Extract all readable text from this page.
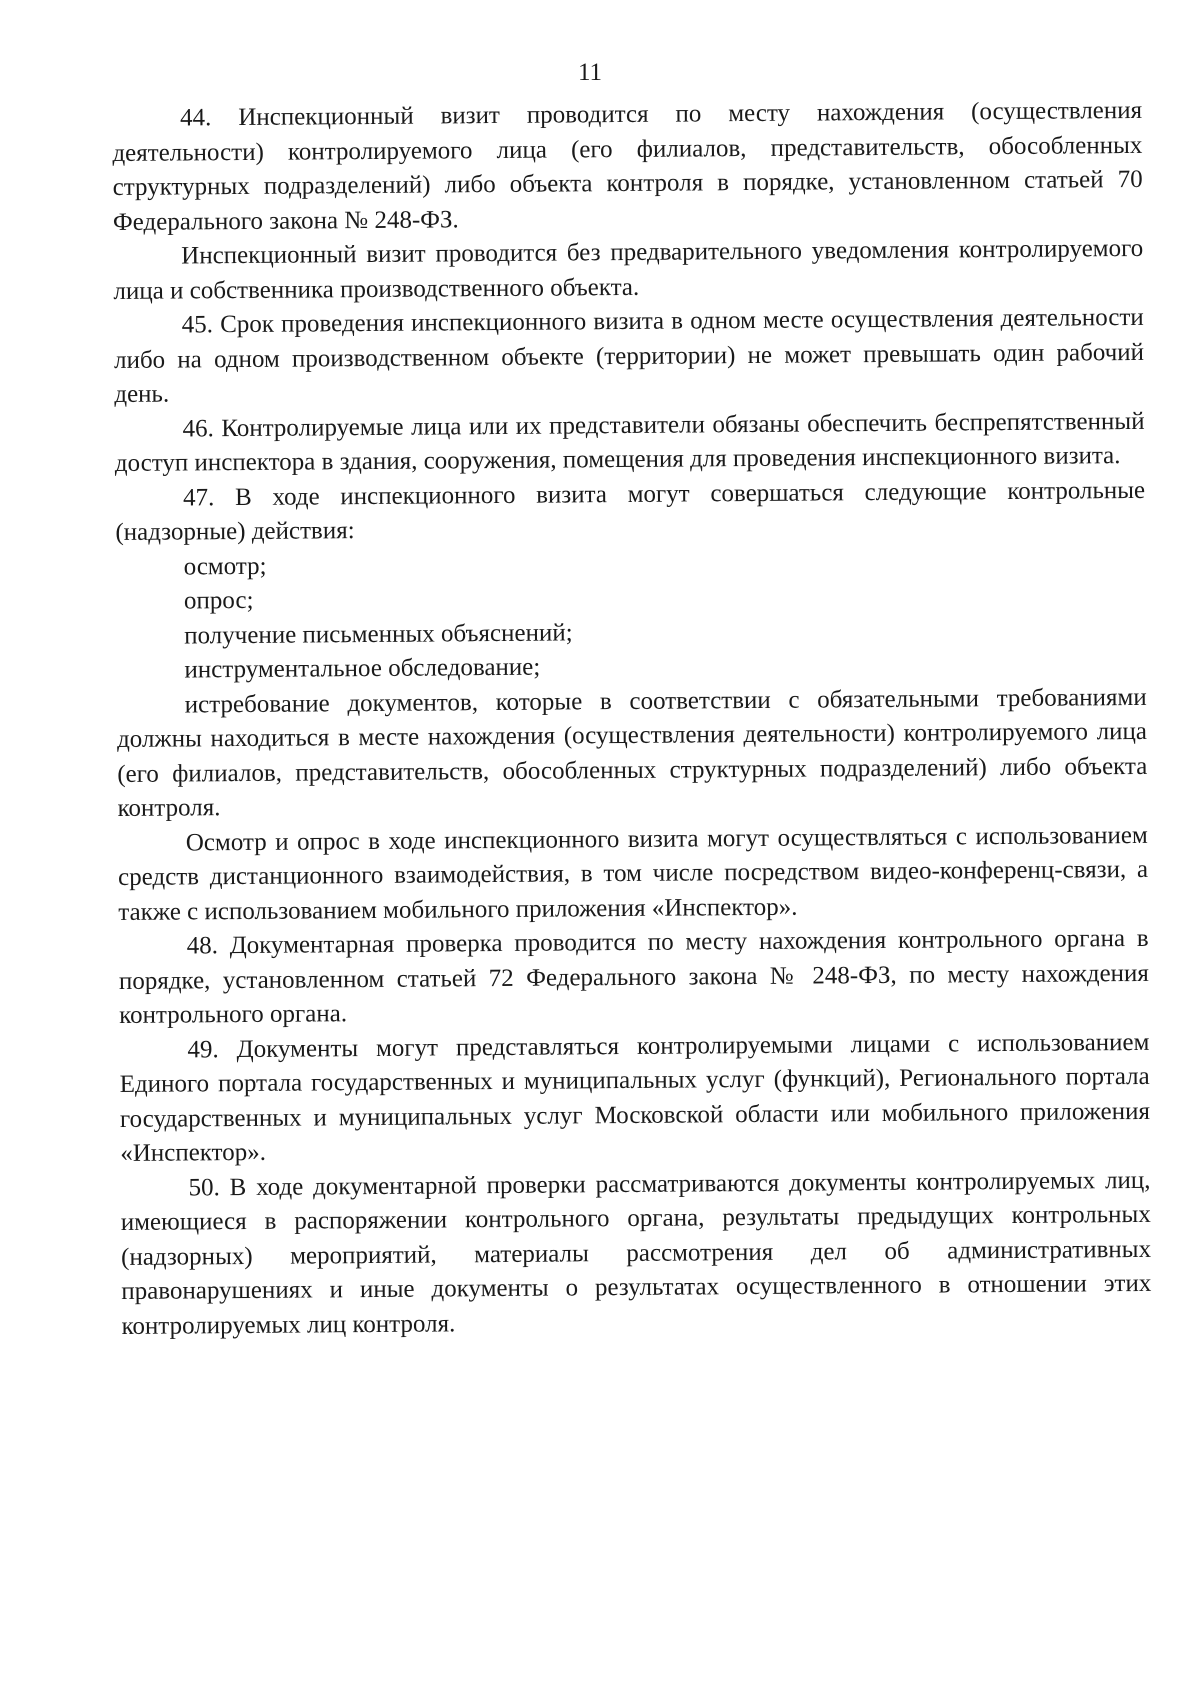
11

44. Инспекционный визит проводится по месту нахождения (осуществления деятельности) контролируемого лица (его филиалов, представительств, обособленных структурных подразделений) либо объекта контроля в порядке, установленном статьей 70 Федерального закона № 248-ФЗ.

Инспекционный визит проводится без предварительного уведомления контролируемого лица и собственника производственного объекта.

45. Срок проведения инспекционного визита в одном месте осуществления деятельности либо на одном производственном объекте (территории) не может превышать один рабочий день.

46. Контролируемые лица или их представители обязаны обеспечить беспрепятственный доступ инспектора в здания, сооружения, помещения для проведения инспекционного визита.

47. В ходе инспекционного визита могут совершаться следующие контрольные (надзорные) действия:

осмотр;

опрос;

получение письменных объяснений;

инструментальное обследование;

истребование документов, которые в соответствии с обязательными требованиями должны находиться в месте нахождения (осуществления деятельности) контролируемого лица (его филиалов, представительств, обособленных структурных подразделений) либо объекта контроля.

Осмотр и опрос в ходе инспекционного визита могут осуществляться с использованием средств дистанционного взаимодействия, в том числе посредством видео-конференц-связи, а также с использованием мобильного приложения «Инспектор».

48. Документарная проверка проводится по месту нахождения контрольного органа в порядке, установленном статьей 72 Федерального закона № 248-ФЗ, по месту нахождения контрольного органа.

49. Документы могут представляться контролируемыми лицами с использованием Единого портала государственных и муниципальных услуг (функций), Регионального портала государственных и муниципальных услуг Московской области или мобильного приложения «Инспектор».

50. В ходе документарной проверки рассматриваются документы контролируемых лиц, имеющиеся в распоряжении контрольного органа, результаты предыдущих контрольных (надзорных) мероприятий, материалы рассмотрения дел об административных правонарушениях и иные документы о результатах осуществленного в отношении этих контролируемых лиц контроля.
